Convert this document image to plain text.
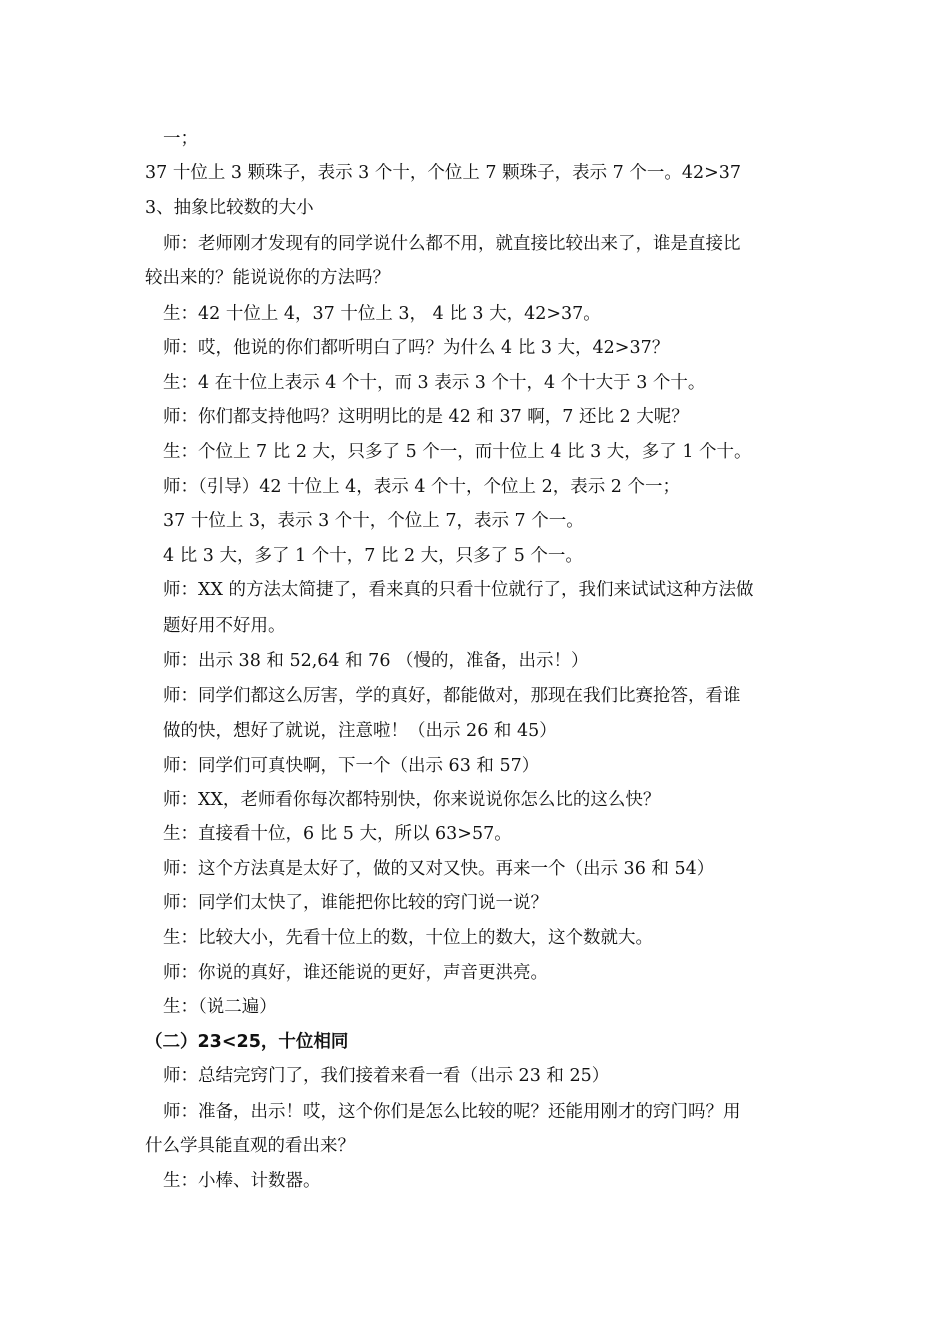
一；
37 十位上 3 颗珠子，表示 3 个十，个位上 7 颗珠子，表示 7 个一。42>37
3、抽象比较数的大小
师：老师刚才发现有的同学说什么都不用，就直接比较出来了，谁是直接比
较出来的？能说说你的方法吗？
生：42 十位上 4，37 十位上 3， 4 比 3 大，42>37。
师：哎，他说的你们都听明白了吗？为什么 4 比 3 大，42>37？
生：4 在十位上表示 4 个十，而 3 表示 3 个十，4 个十大于 3 个十。
师：你们都支持他吗？这明明比的是 42 和 37 啊，7 还比 2 大呢？
生：个位上 7 比 2 大，只多了 5 个一，而十位上 4 比 3 大，多了 1 个十。
师：（引导）42 十位上 4，表示 4 个十，个位上 2，表示 2 个一；
37 十位上 3，表示 3 个十，个位上 7，表示 7 个一。
4 比 3 大，多了 1 个十，7 比 2 大，只多了 5 个一。
师：XX 的方法太简捷了，看来真的只看十位就行了，我们来试试这种方法做
题好用不好用。
师：出示 38 和 52,64 和 76 （慢的，准备，出示！）
师：同学们都这么厉害，学的真好，都能做对，那现在我们比赛抢答，看谁
做的快，想好了就说，注意啦！（出示 26 和 45）
师：同学们可真快啊，下一个（出示 63 和 57）
师：XX，老师看你每次都特别快，你来说说你怎么比的这么快？
生：直接看十位，6 比 5 大，所以 63>57。
师：这个方法真是太好了，做的又对又快。再来一个（出示 36 和 54）
师：同学们太快了，谁能把你比较的窍门说一说？
生：比较大小，先看十位上的数，十位上的数大，这个数就大。
师：你说的真好，谁还能说的更好，声音更洪亮。
生：（说二遍）
（二）23<25，十位相同
师：总结完窍门了，我们接着来看一看（出示 23 和 25）
师：准备，出示！哎，这个你们是怎么比较的呢？还能用刚才的窍门吗？用
什么学具能直观的看出来？
生：小棒、计数器。
